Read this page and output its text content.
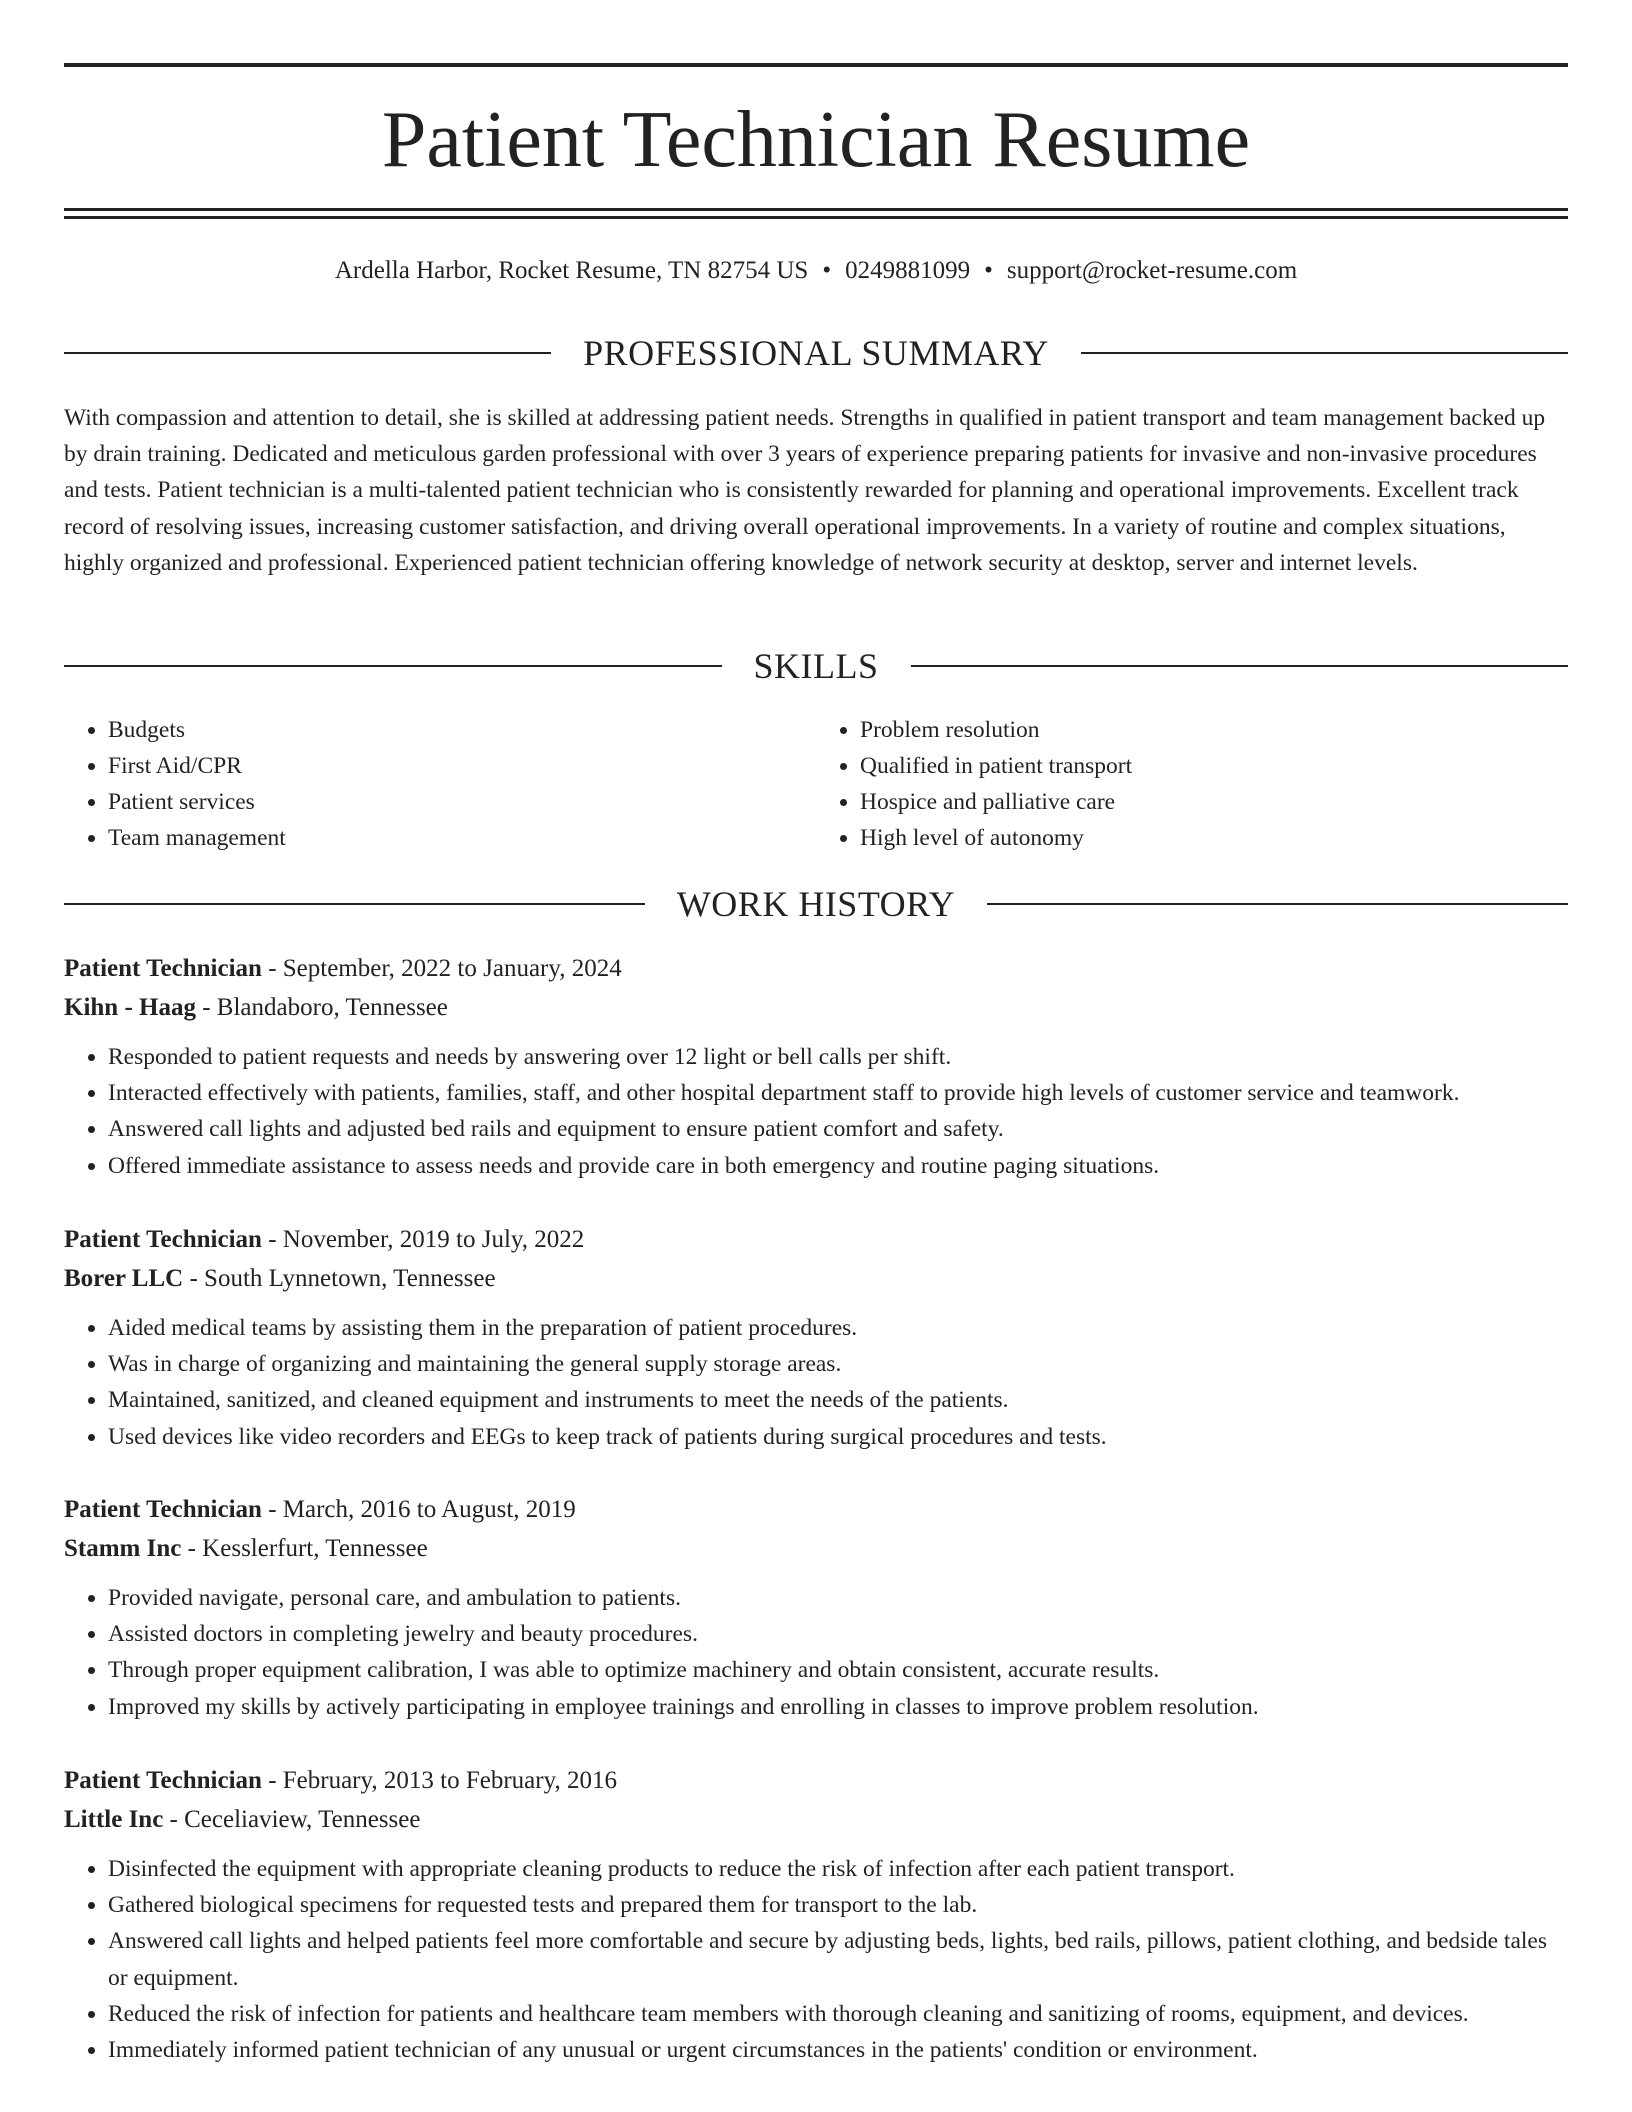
Patient Technician Resume
Ardella Harbor, Rocket Resume, TN 82754 US • 0249881099 • support@rocket-resume.com
PROFESSIONAL SUMMARY

With compassion and attention to detail, she is skilled at addressing patient needs. Strengths in qualified in patient transport and team management backed up by drain training. Dedicated and meticulous garden professional with over 3 years of experience preparing patients for invasive and non-invasive procedures and tests. Patient technician is a multi-talented patient technician who is consistently rewarded for planning and operational improvements. Excellent track record of resolving issues, increasing customer satisfaction, and driving overall operational improvements. In a variety of routine and complex situations, highly organized and professional. Experienced patient technician offering knowledge of network security at desktop, server and internet levels.

SKILLS
• Budgets
• First Aid/CPR
• Patient services
• Team management
• Problem resolution
• Qualified in patient transport
• Hospice and palliative care
• High level of autonomy
WORK HISTORY
Patient Technician - September, 2022 to January, 2024
Kihn - Haag - Blandaboro, Tennessee
• Responded to patient requests and needs by answering over 12 light or bell calls per shift.
• Interacted effectively with patients, families, staff, and other hospital department staff to provide high levels of customer service and teamwork.
• Answered call lights and adjusted bed rails and equipment to ensure patient comfort and safety.
• Offered immediate assistance to assess needs and provide care in both emergency and routine paging situations.
Patient Technician - November, 2019 to July, 2022
Borer LLC - South Lynnetown, Tennessee
• Aided medical teams by assisting them in the preparation of patient procedures.
• Was in charge of organizing and maintaining the general supply storage areas.
• Maintained, sanitized, and cleaned equipment and instruments to meet the needs of the patients.
• Used devices like video recorders and EEGs to keep track of patients during surgical procedures and tests.
Patient Technician - March, 2016 to August, 2019
Stamm Inc - Kesslerfurt, Tennessee
• Provided navigate, personal care, and ambulation to patients.
• Assisted doctors in completing jewelry and beauty procedures.
• Through proper equipment calibration, I was able to optimize machinery and obtain consistent, accurate results.
• Improved my skills by actively participating in employee trainings and enrolling in classes to improve problem resolution.
Patient Technician - February, 2013 to February, 2016
Little Inc - Ceceliaview, Tennessee
• Disinfected the equipment with appropriate cleaning products to reduce the risk of infection after each patient transport.
• Gathered biological specimens for requested tests and prepared them for transport to the lab.
• Answered call lights and helped patients feel more comfortable and secure by adjusting beds, lights, bed rails, pillows, patient clothing, and bedside tales or equipment.
• Reduced the risk of infection for patients and healthcare team members with thorough cleaning and sanitizing of rooms, equipment, and devices.
• Immediately informed patient technician of any unusual or urgent circumstances in the patients' condition or environment.
